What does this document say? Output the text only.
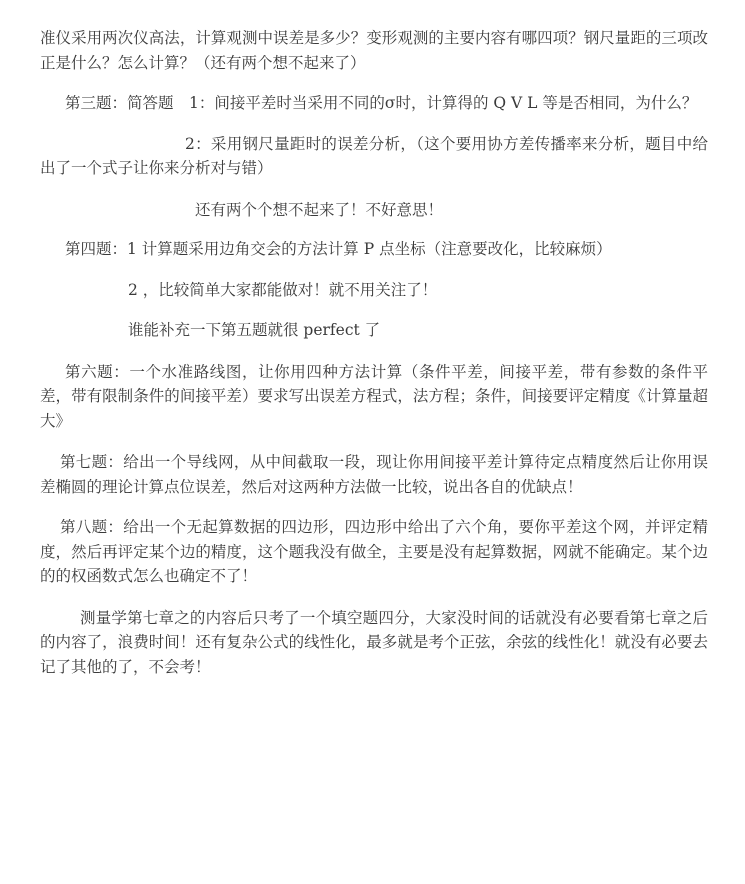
准仪采用两次仪高法，计算观测中误差是多少？变形观测的主要内容有哪四项？钢尺量距的三项改正是什么？怎么计算？（还有两个想不起来了）

第三题：简答题　1：间接平差时当采用不同的σ时，计算得的 Q V L 等是否相同，为什么？

2：采用钢尺量距时的误差分析，（这个要用协方差传播率来分析，题目中给出了一个式子让你来分析对与错）

还有两个个想不起来了！不好意思！

第四题：1 计算题采用边角交会的方法计算 P 点坐标（注意要改化，比较麻烦）

2 ，比较简单大家都能做对！就不用关注了！

谁能补充一下第五题就很 perfect 了

第六题：一个水准路线图，让你用四种方法计算（条件平差，间接平差，带有参数的条件平差，带有限制条件的间接平差）要求写出误差方程式，法方程；条件，间接要评定精度《计算量超大》

第七题：给出一个导线网，从中间截取一段，现让你用间接平差计算待定点精度然后让你用误差椭圆的理论计算点位误差，然后对这两种方法做一比较，说出各自的优缺点！

第八题：给出一个无起算数据的四边形，四边形中给出了六个角，要你平差这个网，并评定精度，然后再评定某个边的精度，这个题我没有做全，主要是没有起算数据，网就不能确定。某个边的的权函数式怎么也确定不了！

测量学第七章之的内容后只考了一个填空题四分，大家没时间的话就没有必要看第七章之后的内容了，浪费时间！还有复杂公式的线性化，最多就是考个正弦，余弦的线性化！就没有必要去记了其他的了，不会考！
